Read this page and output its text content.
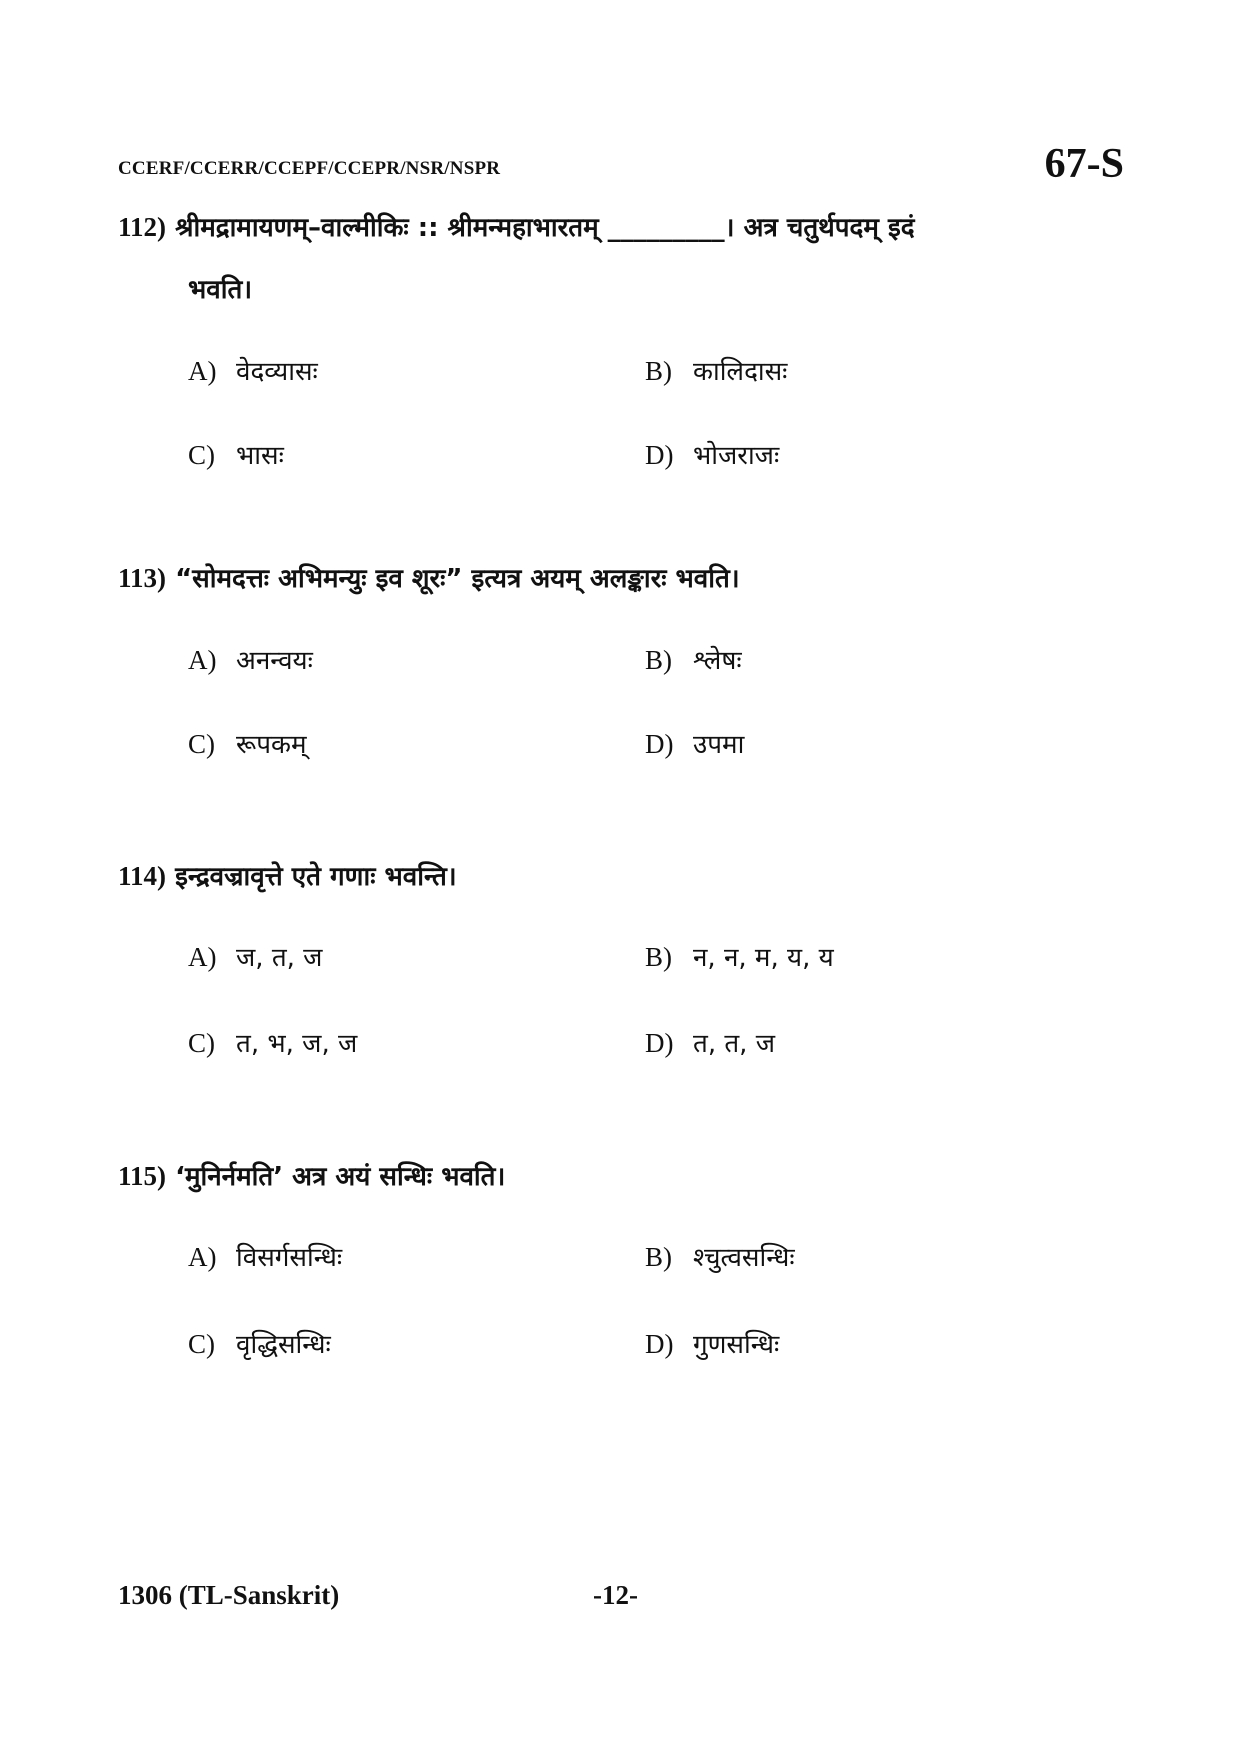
CCERF/CCERR/CCEPF/CCEPR/NSR/NSPR	67-S
112) श्रीमद्रामायणम्–वाल्मीकिः :: श्रीमन्महाभारतम् _________। अत्र चतुर्थपदम् इदं
भवति।
A) वेदव्यासः	B) कालिदासः
C) भासः	D) भोजराजः
113) “सोमदत्तः अभिमन्युः इव शूरः” इत्यत्र अयम् अलङ्कारः भवति।
A) अनन्वयः	B) श्लेषः
C) रूपकम्	D) उपमा
114) इन्द्रवज्रावृत्ते एते गणाः भवन्ति।
A) ज, त, ज	B) न, न, म, य, य
C) त, भ, ज, ज	D) त, त, ज
115) ‘मुनिर्नमति’ अत्र अयं सन्धिः भवति।
A) विसर्गसन्धिः	B) श्चुत्वसन्धिः
C) वृद्धिसन्धिः	D) गुणसन्धिः
1306 (TL-Sanskrit)	-12-
